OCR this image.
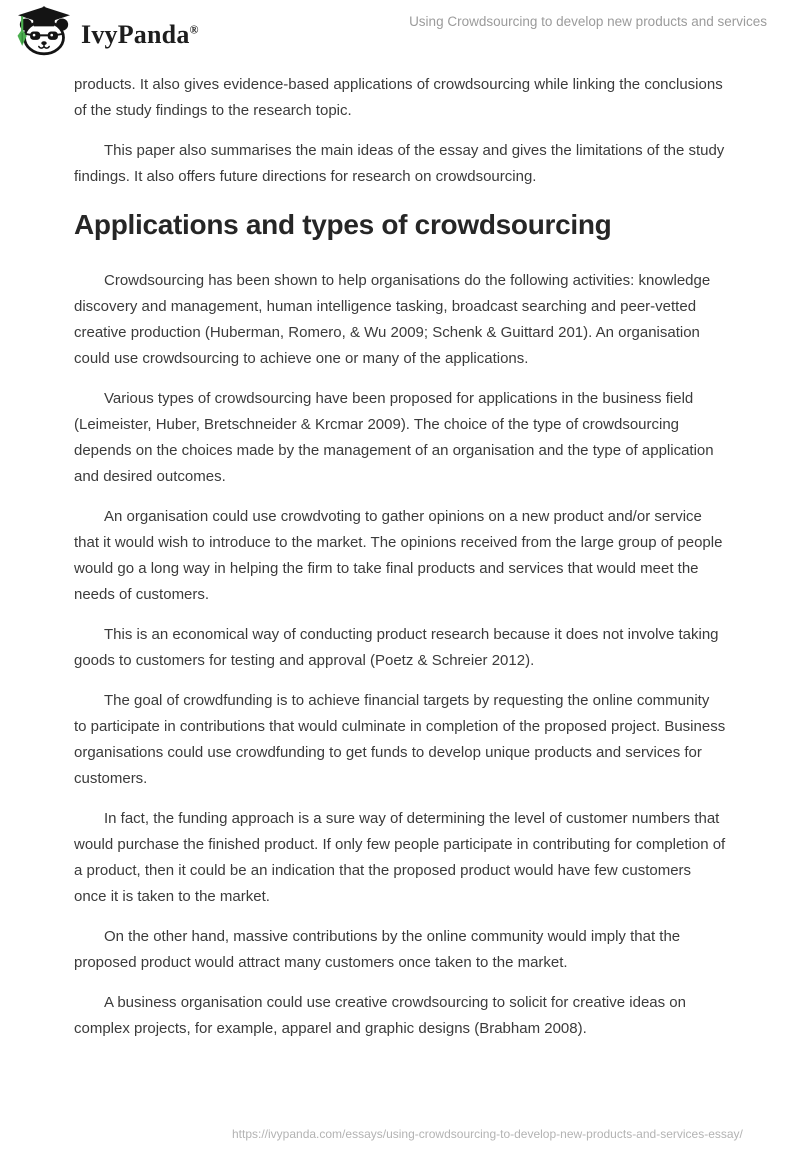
IvyPanda®	Using Crowdsourcing to develop new products and services

products. It also gives evidence-based applications of crowdsourcing while linking the conclusions of the study findings to the research topic.

This paper also summarises the main ideas of the essay and gives the limitations of the study findings. It also offers future directions for research on crowdsourcing.

Applications and types of crowdsourcing

Crowdsourcing has been shown to help organisations do the following activities: knowledge discovery and management, human intelligence tasking, broadcast searching and peer-vetted creative production (Huberman, Romero, & Wu 2009; Schenk & Guittard 201). An organisation could use crowdsourcing to achieve one or many of the applications.

Various types of crowdsourcing have been proposed for applications in the business field (Leimeister, Huber, Bretschneider & Krcmar 2009). The choice of the type of crowdsourcing depends on the choices made by the management of an organisation and the type of application and desired outcomes.

An organisation could use crowdvoting to gather opinions on a new product and/or service that it would wish to introduce to the market. The opinions received from the large group of people would go a long way in helping the firm to take final products and services that would meet the needs of customers.

This is an economical way of conducting product research because it does not involve taking goods to customers for testing and approval (Poetz & Schreier 2012).

The goal of crowdfunding is to achieve financial targets by requesting the online community to participate in contributions that would culminate in completion of the proposed project. Business organisations could use crowdfunding to get funds to develop unique products and services for customers.

In fact, the funding approach is a sure way of determining the level of customer numbers that would purchase the finished product. If only few people participate in contributing for completion of a product, then it could be an indication that the proposed product would have few customers once it is taken to the market.

On the other hand, massive contributions by the online community would imply that the proposed product would attract many customers once taken to the market.

A business organisation could use creative crowdsourcing to solicit for creative ideas on complex projects, for example, apparel and graphic designs (Brabham 2008).

https://ivypanda.com/essays/using-crowdsourcing-to-develop-new-products-and-services-essay/
